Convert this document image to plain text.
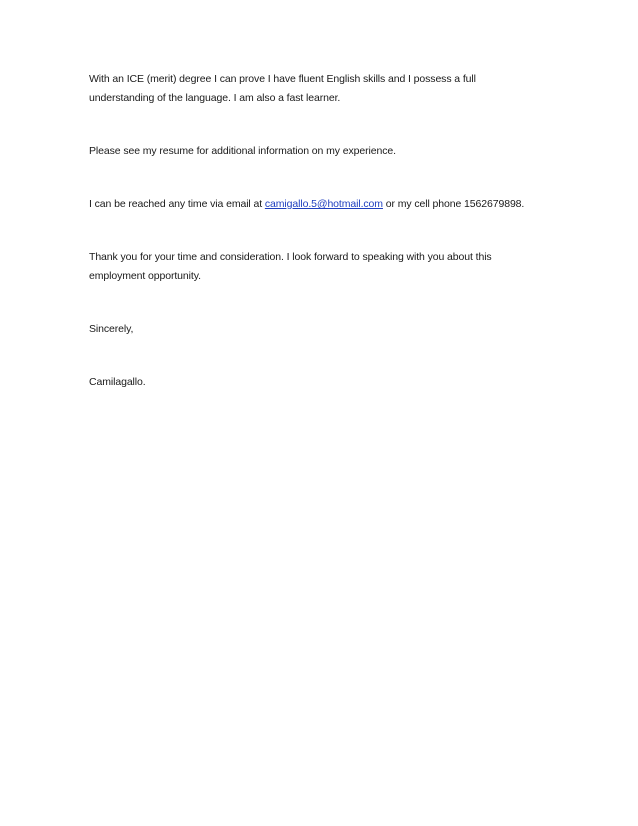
With an ICE (merit) degree I can prove I have fluent English skills and I possess a full
understanding of the language. I am also a fast learner.

Please see my resume for additional information on my experience.

I can be reached any time via email at camigallo.5@hotmail.com or my cell phone 1562679898.

Thank you for your time and consideration. I look forward to speaking with you about this
employment opportunity.

Sincerely,

Camilagallo.
